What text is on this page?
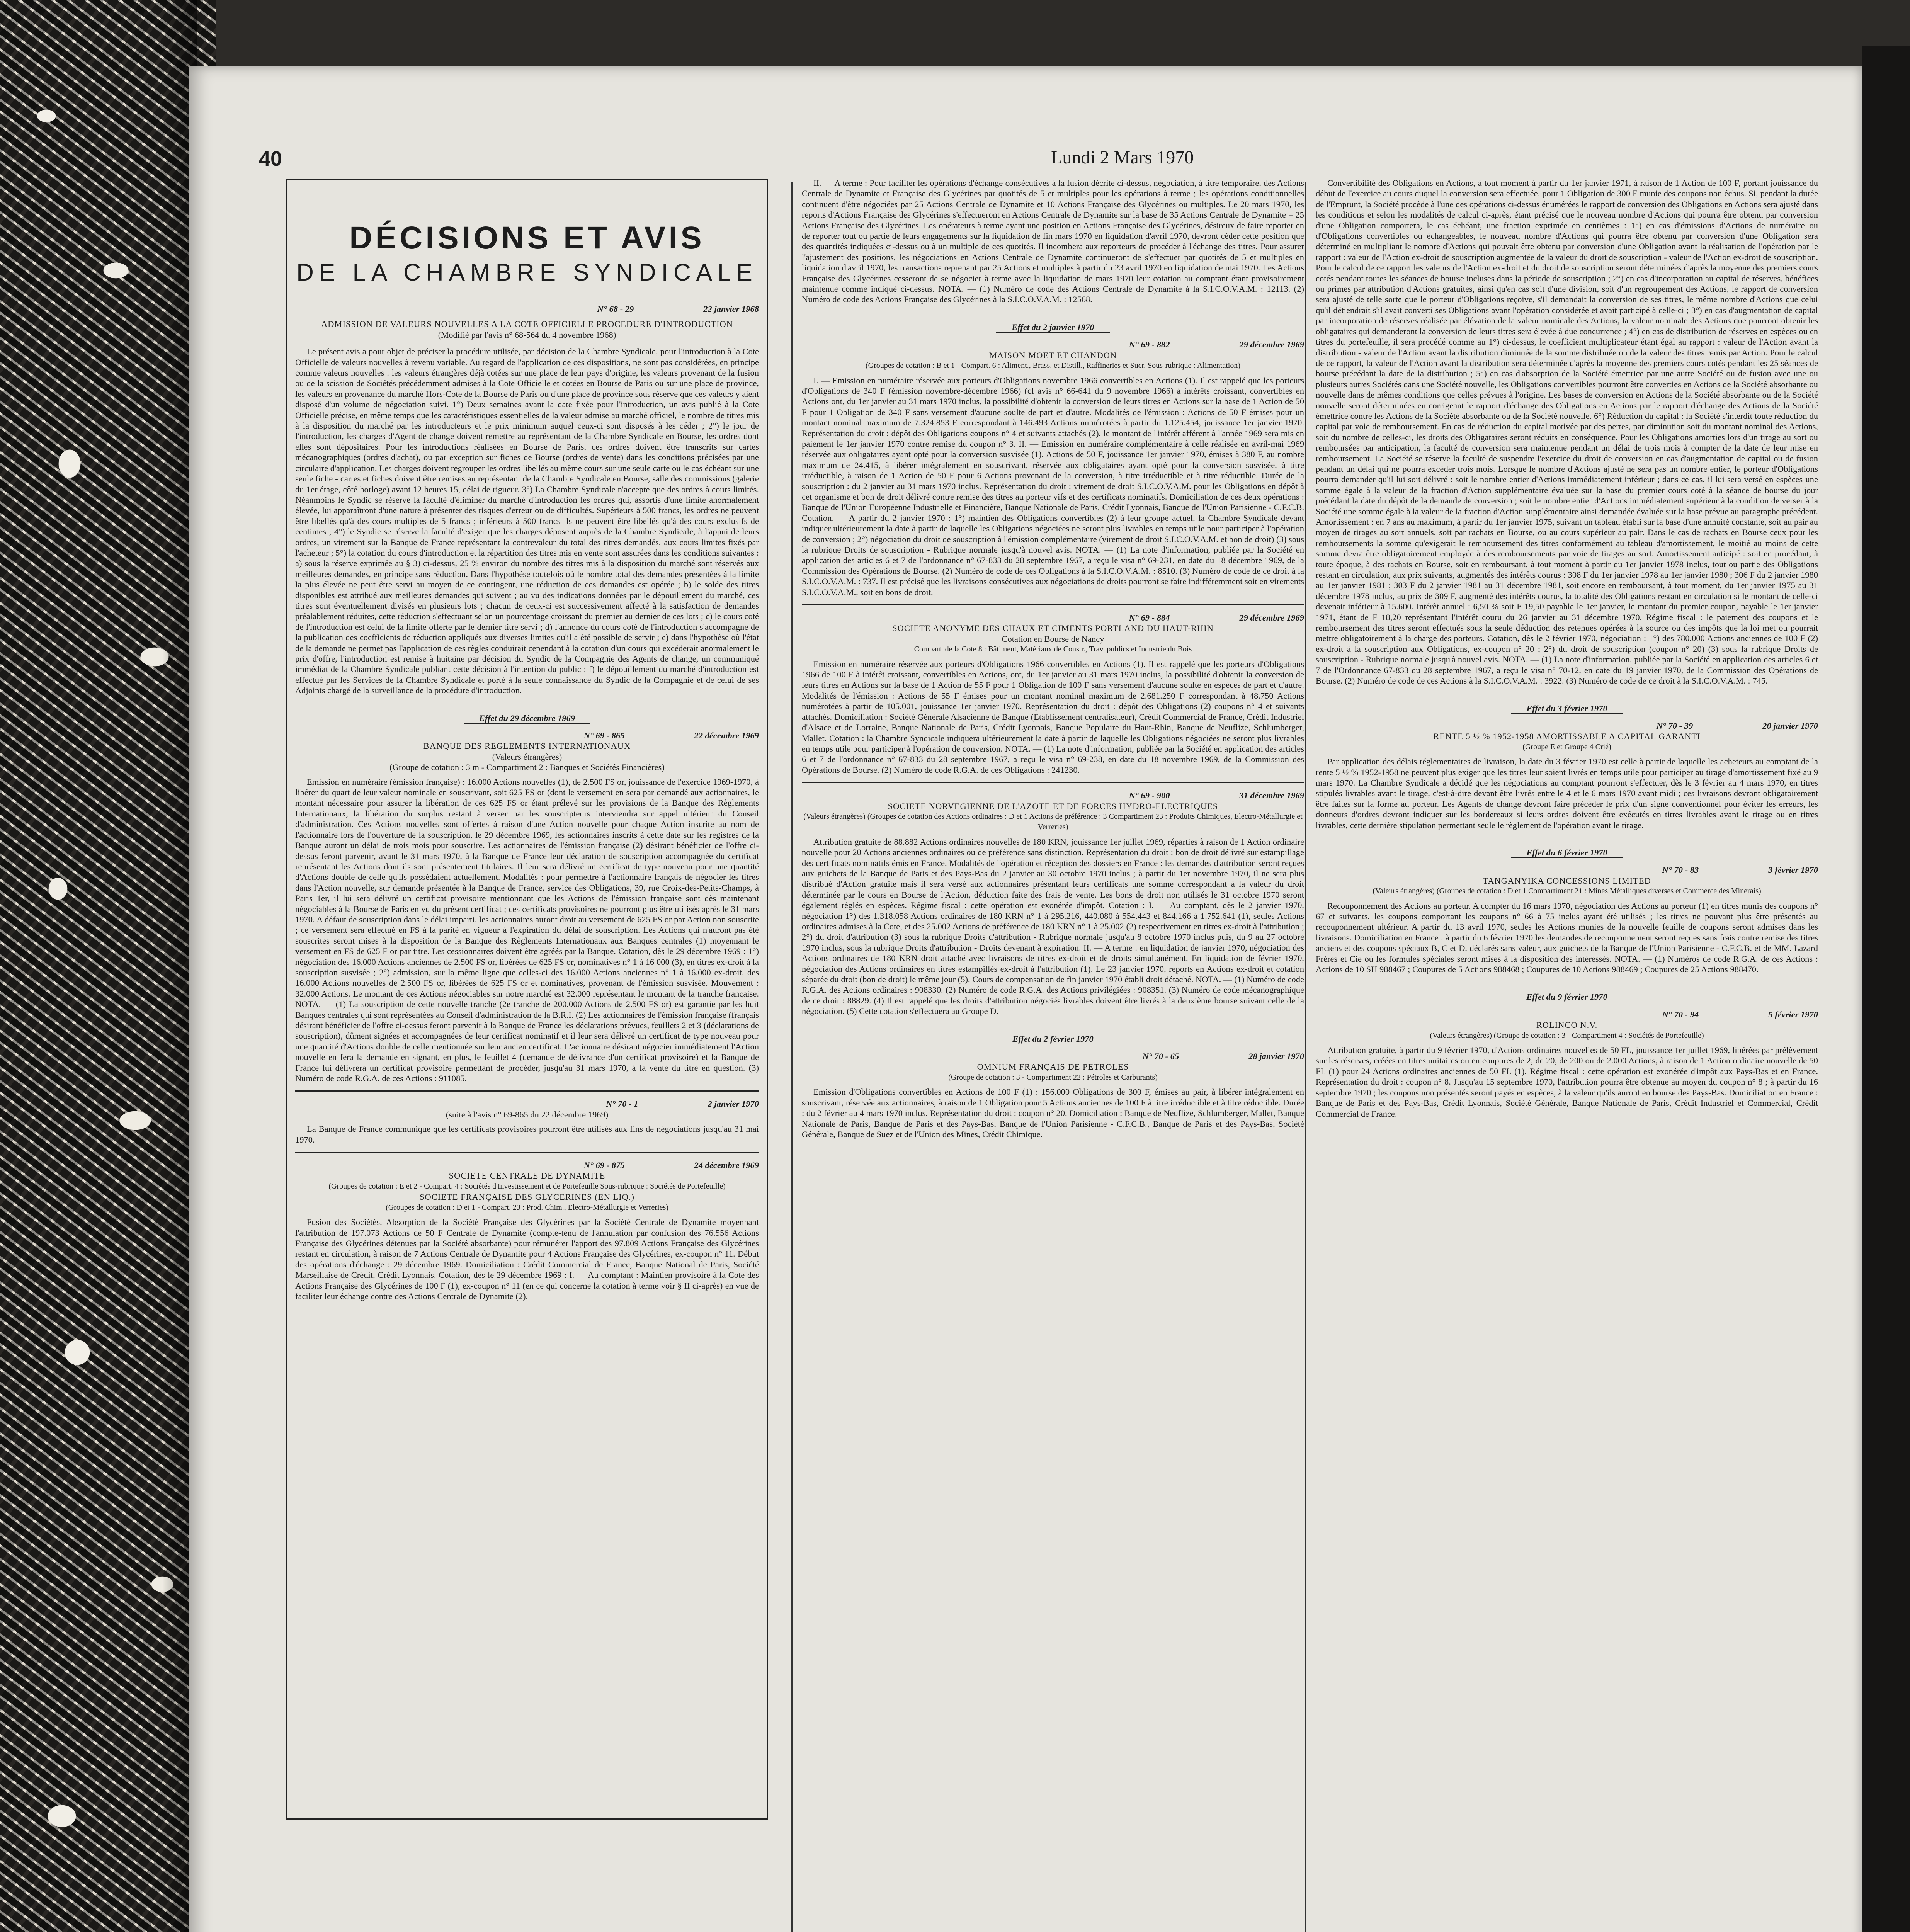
40	Lundi 2 Mars 1970
DÉCISIONS ET AVIS
DE LA CHAMBRE SYNDICALE
N° 68 - 29	22 janvier 1968
ADMISSION DE VALEURS NOUVELLES A LA COTE OFFICIELLE PROCEDURE D'INTRODUCTION
(Modifié par l'avis n° 68-564 du 4 novembre 1968)

Le présent avis a pour objet de préciser la procédure utilisée, par décision de la Chambre Syndicale, pour l'introduction à la Cote Officielle de valeurs nouvelles à revenu variable. Au regard de l'application de ces dispositions, ne sont pas considérées, en principe comme valeurs nouvelles : les valeurs étrangères déjà cotées sur une place de leur pays d'origine, les valeurs provenant de la fusion ou de la scission de Sociétés précédemment admises à la Cote Officielle et cotées en Bourse de Paris ou sur une place de province, les valeurs en provenance du marché Hors-Cote de la Bourse de Paris ou d'une place de province sous réserve que ces valeurs y aient disposé d'un volume de négociation suivi. 1°) Deux semaines avant la date fixée pour l'introduction, un avis publié à la Cote Officielle précise, en même temps que les caractéristiques essentielles de la valeur admise au marché officiel, le nombre de titres mis à la disposition du marché par les introducteurs et le prix minimum auquel ceux-ci sont disposés à les céder ; 2°) le jour de l'introduction, les charges d'Agent de change doivent remettre au représentant de la Chambre Syndicale en Bourse, les ordres dont elles sont dépositaires. Pour les introductions réalisées en Bourse de Paris, ces ordres doivent être transcrits sur cartes mécanographiques (ordres d'achat), ou par exception sur fiches de Bourse (ordres de vente) dans les conditions précisées par une circulaire d'application. Les charges doivent regrouper les ordres libellés au même cours sur une seule carte ou le cas échéant sur une seule fiche - cartes et fiches doivent être remises au représentant de la Chambre Syndicale en Bourse, salle des commissions (galerie du 1er étage, côté horloge) avant 12 heures 15, délai de rigueur. 3°) La Chambre Syndicale n'accepte que des ordres à cours limités. Néanmoins le Syndic se réserve la faculté d'éliminer du marché d'introduction les ordres qui, assortis d'une limite anormalement élevée, lui apparaîtront d'une nature à présenter des risques d'erreur ou de difficultés. Supérieurs à 500 francs, les ordres ne peuvent être libellés qu'à des cours multiples de 5 francs ; inférieurs à 500 francs ils ne peuvent être libellés qu'à des cours exclusifs de centimes ; 4°) le Syndic se réserve la faculté d'exiger que les charges déposent auprès de la Chambre Syndicale, à l'appui de leurs ordres, un virement sur la Banque de France représentant la contrevaleur du total des titres demandés, aux cours limites fixés par l'acheteur ; 5°) la cotation du cours d'introduction et la répartition des titres mis en vente sont assurées dans les conditions suivantes : a) sous la réserve exprimée au § 3) ci-dessus, 25 % environ du nombre des titres mis à la disposition du marché sont réservés aux meilleures demandes, en principe sans réduction. Dans l'hypothèse toutefois où le nombre total des demandes présentées à la limite la plus élevée ne peut être servi au moyen de ce contingent, une réduction de ces demandes est opérée ; b) le solde des titres disponibles est attribué aux meilleures demandes qui suivent ; au vu des indications données par le dépouillement du marché, ces titres sont éventuellement divisés en plusieurs lots ; chacun de ceux-ci est successivement affecté à la satisfaction de demandes préalablement réduites, cette réduction s'effectuant selon un pourcentage croissant du premier au dernier de ces lots ; c) le cours coté de l'introduction est celui de la limite offerte par le dernier titre servi ; d) l'annonce du cours coté de l'introduction s'accompagne de la publication des coefficients de réduction appliqués aux diverses limites qu'il a été possible de servir ; e) dans l'hypothèse où l'état de la demande ne permet pas l'application de ces règles conduirait cependant à la cotation d'un cours qui excéderait anormalement le prix d'offre, l'introduction est remise à huitaine par décision du Syndic de la Compagnie des Agents de change, un communiqué immédiat de la Chambre Syndicale publiant cette décision à l'intention du public ; f) le dépouillement du marché d'introduction est effectué par les Services de la Chambre Syndicale et porté à la seule connaissance du Syndic de la Compagnie et de celui de ses Adjoints chargé de la surveillance de la procédure d'introduction.

Effet du 29 décembre 1969
N° 69 - 865	22 décembre 1969
BANQUE DES REGLEMENTS INTERNATIONAUX
(Valeurs étrangères)
(Groupe de cotation : 3 m - Compartiment 2 : Banques et Sociétés Financières)

Emission en numéraire (émission française) : 16.000 Actions nouvelles (1), de 2.500 FS or, jouissance de l'exercice 1969-1970, à libérer du quart de leur valeur nominale en souscrivant, soit 625 FS or (dont le versement en sera par demandé aux actionnaires, le montant nécessaire pour assurer la libération de ces 625 FS or étant prélevé sur les provisions de la Banque des Règlements Internationaux, la libération du surplus restant à verser par les souscripteurs interviendra sur appel ultérieur du Conseil d'administration. Ces Actions nouvelles sont offertes à raison d'une Action nouvelle pour chaque Action inscrite au nom de l'actionnaire lors de l'ouverture de la souscription, le 29 décembre 1969, les actionnaires inscrits à cette date sur les registres de la Banque auront un délai de trois mois pour souscrire. Les actionnaires de l'émission française (2) désirant bénéficier de l'offre ci-dessus feront parvenir, avant le 31 mars 1970, à la Banque de France leur déclaration de souscription accompagnée du certificat représentant les Actions dont ils sont présentement titulaires. Il leur sera délivré un certificat de type nouveau pour une quantité d'Actions double de celle qu'ils possédaient actuellement. Modalités : pour permettre à l'actionnaire français de négocier les titres dans l'Action nouvelle, sur demande présentée à la Banque de France, service des Obligations, 39, rue Croix-des-Petits-Champs, à Paris 1er, il lui sera délivré un certificat provisoire mentionnant que les Actions de l'émission française sont dès maintenant négociables à la Bourse de Paris en vu du présent certificat ; ces certificats provisoires ne pourront plus être utilisés après le 31 mars 1970. A défaut de souscription dans le délai imparti, les actionnaires auront droit au versement de 625 FS or par Action non souscrite ; ce versement sera effectué en FS à la parité en vigueur à l'expiration du délai de souscription. Les Actions qui n'auront pas été souscrites seront mises à la disposition de la Banque des Règlements Internationaux aux Banques centrales (1) moyennant le versement en FS de 625 F or par titre. Les cessionnaires doivent être agréés par la Banque. Cotation, dès le 29 décembre 1969 : 1°) négociation des 16.000 Actions anciennes de 2.500 FS or, libérées de 625 FS or, nominatives n° 1 à 16 000 (3), en titres ex-droit à la souscription susvisée ; 2°) admission, sur la même ligne que celles-ci des 16.000 Actions anciennes n° 1 à 16.000 ex-droit, des 16.000 Actions nouvelles de 2.500 FS or, libérées de 625 FS or et nominatives, provenant de l'émission susvisée. Mouvement : 32.000 Actions. Le montant de ces Actions négociables sur notre marché est 32.000 représentant le montant de la tranche française. NOTA. — (1) La souscription de cette nouvelle tranche (2e tranche de 200.000 Actions de 2.500 FS or) est garantie par les huit Banques centrales qui sont représentées au Conseil d'administration de la B.R.I. (2) Les actionnaires de l'émission française (français désirant bénéficier de l'offre ci-dessus feront parvenir à la Banque de France les déclarations prévues, feuillets 2 et 3 (déclarations de souscription), dûment signées et accompagnées de leur certificat nominatif et il leur sera délivré un certificat de type nouveau pour une quantité d'Actions double de celle mentionnée sur leur ancien certificat. L'actionnaire désirant négocier immédiatement l'Action nouvelle en fera la demande en signant, en plus, le feuillet 4 (demande de délivrance d'un certificat provisoire) et la Banque de France lui délivrera un certificat provisoire permettant de procéder, jusqu'au 31 mars 1970, à la vente du titre en question. (3) Numéro de code R.G.A. de ces Actions : 911085.

N° 70 - 1	2 janvier 1970
(suite à l'avis n° 69-865 du 22 décembre 1969)

La Banque de France communique que les certificats provisoires pourront être utilisés aux fins de négociations jusqu'au 31 mai 1970.

N° 69 - 875	24 décembre 1969
SOCIETE CENTRALE DE DYNAMITE
(Groupes de cotation : E et 2 - Compart. 4 : Sociétés d'Investissement et de Portefeuille Sous-rubrique : Sociétés de Portefeuille)
SOCIETE FRANÇAISE DES GLYCERINES (EN LIQ.)
(Groupes de cotation : D et 1 - Compart. 23 : Prod. Chim., Electro-Métallurgie et Verreries)

Fusion des Sociétés. Absorption de la Société Française des Glycérines par la Société Centrale de Dynamite moyennant l'attribution de 197.073 Actions de 50 F Centrale de Dynamite (compte-tenu de l'annulation par confusion des 76.556 Actions Française des Glycérines détenues par la Société absorbante) pour rémunérer l'apport des 97.809 Actions Française des Glycérines restant en circulation, à raison de 7 Actions Centrale de Dynamite pour 4 Actions Française des Glycérines, ex-coupon n° 11. Début des opérations d'échange : 29 décembre 1969. Domiciliation : Crédit Commercial de France, Banque National de Paris, Société Marseillaise de Crédit, Crédit Lyonnais. Cotation, dès le 29 décembre 1969 : I. — Au comptant : Maintien provisoire à la Cote des Actions Française des Glycérines de 100 F (1), ex-coupon n° 11 (en ce qui concerne la cotation à terme voir § II ci-après) en vue de faciliter leur échange contre des Actions Centrale de Dynamite (2).

II. — A terme : Pour faciliter les opérations d'échange consécutives à la fusion décrite ci-dessus, négociation, à titre temporaire, des Actions Centrale de Dynamite et Française des Glycérines par quotités de 5 et multiples pour les opérations à terme ; les opérations conditionnelles continuent d'être négociées par 25 Actions Centrale de Dynamite et 10 Actions Française des Glycérines ou multiples. Le 20 mars 1970, les reports d'Actions Française des Glycérines s'effectueront en Actions Centrale de Dynamite sur la base de 35 Actions Centrale de Dynamite = 25 Actions Française des Glycérines. Les opérateurs à terme ayant une position en Actions Française des Glycérines, désireux de faire reporter en de reporter tout ou partie de leurs engagements sur la liquidation de fin mars 1970 en liquidation d'avril 1970, devront céder cette position que des quantités indiquées ci-dessus ou à un multiple de ces quotités. Il incombera aux reporteurs de procéder à l'échange des titres. Pour assurer l'ajustement des positions, les négociations en Actions Centrale de Dynamite continueront de s'effectuer par quotités de 5 et multiples en liquidation d'avril 1970, les transactions reprenant par 25 Actions et multiples à partir du 23 avril 1970 en liquidation de mai 1970. Les Actions Française des Glycérines cesseront de se négocier à terme avec la liquidation de mars 1970 leur cotation au comptant étant provisoirement maintenue comme indiqué ci-dessus. NOTA. — (1) Numéro de code des Actions Centrale de Dynamite à la S.I.C.O.V.A.M. : 12113. (2) Numéro de code des Actions Française des Glycérines à la S.I.C.O.V.A.M. : 12568.

Effet du 2 janvier 1970
N° 69 - 882	29 décembre 1969
MAISON MOET ET CHANDON
(Groupes de cotation : B et 1 - Compart. 6 : Aliment., Brass. et Distill., Raffineries et Sucr. Sous-rubrique : Alimentation)

I. — Emission en numéraire réservée aux porteurs d'Obligations novembre 1966 convertibles en Actions (1). Il est rappelé que les porteurs d'Obligations de 340 F (émission novembre-décembre 1966) (cf avis n° 66-641 du 9 novembre 1966) à intérêts croissant, convertibles en Actions ont, du 1er janvier au 31 mars 1970 inclus, la possibilité d'obtenir la conversion de leurs titres en Actions sur la base de 1 Action de 50 F pour 1 Obligation de 340 F sans versement d'aucune soulte de part et d'autre. Modalités de l'émission : Actions de 50 F émises pour un montant nominal maximum de 7.324.853 F correspondant à 146.493 Actions numérotées à partir du 1.125.454, jouissance 1er janvier 1970. Représentation du droit : dépôt des Obligations coupons n° 4 et suivants attachés (2), le montant de l'intérêt afférent à l'année 1969 sera mis en paiement le 1er janvier 1970 contre remise du coupon n° 3. II. — Emission en numéraire complémentaire à celle réalisée en avril-mai 1969 réservée aux obligataires ayant opté pour la conversion susvisée (1). Actions de 50 F, jouissance 1er janvier 1970, émises à 380 F, au nombre maximum de 24.415, à libérer intégralement en souscrivant, réservée aux obligataires ayant opté pour la conversion susvisée, à titre irréductible, à raison de 1 Action de 50 F pour 6 Actions provenant de la conversion, à titre irréductible et à titre réductible. Durée de la souscription : du 2 janvier au 31 mars 1970 inclus. Représentation du droit : virement de droit S.I.C.O.V.A.M. pour les Obligations en dépôt à cet organisme et bon de droit délivré contre remise des titres au porteur vifs et des certificats nominatifs. Domiciliation de ces deux opérations : Banque de l'Union Européenne Industrielle et Financière, Banque Nationale de Paris, Crédit Lyonnais, Banque de l'Union Parisienne - C.F.C.B. Cotation. — A partir du 2 janvier 1970 : 1°) maintien des Obligations convertibles (2) à leur groupe actuel, la Chambre Syndicale devant indiquer ultérieurement la date à partir de laquelle les Obligations négociées ne seront plus livrables en temps utile pour participer à l'opération de conversion ; 2°) négociation du droit de souscription à l'émission complémentaire (virement de droit S.I.C.O.V.A.M. et bon de droit) (3) sous la rubrique Droits de souscription - Rubrique normale jusqu'à nouvel avis. NOTA. — (1) La note d'information, publiée par la Société en application des articles 6 et 7 de l'ordonnance n° 67-833 du 28 septembre 1967, a reçu le visa n° 69-231, en date du 18 décembre 1969, de la Commission des Opérations de Bourse. (2) Numéro de code de ces Obligations à la S.I.C.O.V.A.M. : 8510. (3) Numéro de code de ce droit à la S.I.C.O.V.A.M. : 737. Il est précisé que les livraisons consécutives aux négociations de droits pourront se faire indifféremment soit en virements S.I.C.O.V.A.M., soit en bons de droit.

N° 69 - 884	29 décembre 1969
SOCIETE ANONYME DES CHAUX ET CIMENTS PORTLAND DU HAUT-RHIN
Cotation en Bourse de Nancy
Compart. de la Cote 8 : Bâtiment, Matériaux de Constr., Trav. publics et Industrie du Bois

Emission en numéraire réservée aux porteurs d'Obligations 1966 convertibles en Actions (1). Il est rappelé que les porteurs d'Obligations 1966 de 100 F à intérêt croissant, convertibles en Actions, ont, du 1er janvier au 31 mars 1970 inclus, la possibilité d'obtenir la conversion de leurs titres en Actions sur la base de 1 Action de 55 F pour 1 Obligation de 100 F sans versement d'aucune soulte en espèces de part et d'autre. Modalités de l'émission : Actions de 55 F émises pour un montant nominal maximum de 2.681.250 F correspondant à 48.750 Actions numérotées à partir de 105.001, jouissance 1er janvier 1970. Représentation du droit : dépôt des Obligations (2) coupons n° 4 et suivants attachés. Domiciliation : Société Générale Alsacienne de Banque (Etablissement centralisateur), Crédit Commercial de France, Crédit Industriel d'Alsace et de Lorraine, Banque Nationale de Paris, Crédit Lyonnais, Banque Populaire du Haut-Rhin, Banque de Neuflize, Schlumberger, Mallet. Cotation : la Chambre Syndicale indiquera ultérieurement la date à partir de laquelle les Obligations négociées ne seront plus livrables en temps utile pour participer à l'opération de conversion. NOTA. — (1) La note d'information, publiée par la Société en application des articles 6 et 7 de l'ordonnance n° 67-833 du 28 septembre 1967, a reçu le visa n° 69-238, en date du 18 novembre 1969, de la Commission des Opérations de Bourse. (2) Numéro de code R.G.A. de ces Obligations : 241230.

N° 69 - 900	31 décembre 1969
SOCIETE NORVEGIENNE DE L'AZOTE ET DE FORCES HYDRO-ELECTRIQUES
(Valeurs étrangères) (Groupes de cotation des Actions ordinaires : D et 1 Actions de préférence : 3 Compartiment 23 : Produits Chimiques, Electro-Métallurgie et Verreries)

Attribution gratuite de 88.882 Actions ordinaires nouvelles de 180 KRN, jouissance 1er juillet 1969, réparties à raison de 1 Action ordinaire nouvelle pour 20 Actions anciennes ordinaires ou de préférence sans distinction. Représentation du droit : bon de droit délivré sur estampillage des certificats nominatifs émis en France. Modalités de l'opération et réception des dossiers en France : les demandes d'attribution seront reçues aux guichets de la Banque de Paris et des Pays-Bas du 2 janvier au 30 octobre 1970 inclus ; à partir du 1er novembre 1970, il ne sera plus distribué d'Action gratuite mais il sera versé aux actionnaires présentant leurs certificats une somme correspondant à la valeur du droit déterminée par le cours en Bourse de l'Action, déduction faite des frais de vente. Les bons de droit non utilisés le 31 octobre 1970 seront également réglés en espèces. Régime fiscal : cette opération est exonérée d'impôt. Cotation : I. — Au comptant, dès le 2 janvier 1970, négociation 1°) des 1.318.058 Actions ordinaires de 180 KRN n° 1 à 295.216, 440.080 à 554.443 et 844.166 à 1.752.641 (1), seules Actions ordinaires admises à la Cote, et des 25.002 Actions de préférence de 180 KRN n° 1 à 25.002 (2) respectivement en titres ex-droit à l'attribution ; 2°) du droit d'attribution (3) sous la rubrique Droits d'attribution - Rubrique normale jusqu'au 8 octobre 1970 inclus puis, du 9 au 27 octobre 1970 inclus, sous la rubrique Droits d'attribution - Droits devenant à expiration. II. — A terme : en liquidation de janvier 1970, négociation des Actions ordinaires de 180 KRN droit attaché avec livraisons de titres ex-droit et de droits simultanément. En liquidation de février 1970, négociation des Actions ordinaires en titres estampillés ex-droit à l'attribution (1). Le 23 janvier 1970, reports en Actions ex-droit et cotation séparée du droit (bon de droit) le même jour (5). Cours de compensation de fin janvier 1970 établi droit détaché. NOTA. — (1) Numéro de code R.G.A. des Actions ordinaires : 908330. (2) Numéro de code R.G.A. des Actions privilégiées : 908351. (3) Numéro de code mécanographique de ce droit : 88829. (4) Il est rappelé que les droits d'attribution négociés livrables doivent être livrés à la deuxième bourse suivant celle de la négociation. (5) Cette cotation s'effectuera au Groupe D.

Effet du 2 février 1970
N° 70 - 65	28 janvier 1970
OMNIUM FRANÇAIS DE PETROLES
(Groupe de cotation : 3 - Compartiment 22 : Pétroles et Carburants)

Emission d'Obligations convertibles en Actions de 100 F (1) : 156.000 Obligations de 300 F, émises au pair, à libérer intégralement en souscrivant, réservée aux actionnaires, à raison de 1 Obligation pour 5 Actions anciennes de 100 F à titre irréductible et à titre réductible. Durée : du 2 février au 4 mars 1970 inclus. Représentation du droit : coupon n° 20. Domiciliation : Banque de Neuflize, Schlumberger, Mallet, Banque Nationale de Paris, Banque de Paris et des Pays-Bas, Banque de l'Union Parisienne - C.F.C.B., Banque de Paris et des Pays-Bas, Société Générale, Banque de Suez et de l'Union des Mines, Crédit Chimique.

Convertibilité des Obligations en Actions, à tout moment à partir du 1er janvier 1971, à raison de 1 Action de 100 F, portant jouissance du début de l'exercice au cours duquel la conversion sera effectuée, pour 1 Obligation de 300 F munie des coupons non échus. Si, pendant la durée de l'Emprunt, la Société procède à l'une des opérations ci-dessus énumérées le rapport de conversion des Obligations en Actions sera ajusté dans les conditions et selon les modalités de calcul ci-après, étant précisé que le nouveau nombre d'Actions qui pourra être obtenu par conversion d'une Obligation comportera, le cas échéant, une fraction exprimée en centièmes : 1°) en cas d'émissions d'Actions de numéraire ou d'Obligations convertibles ou échangeables, le nouveau nombre d'Actions qui pourra être obtenu par conversion d'une Obligation sera déterminé en multipliant le nombre d'Actions qui pouvait être obtenu par conversion d'une Obligation avant la réalisation de l'opération par le rapport : valeur de l'Action ex-droit de souscription augmentée de la valeur du droit de souscription - valeur de l'Action ex-droit de souscription. Pour le calcul de ce rapport les valeurs de l'Action ex-droit et du droit de souscription seront déterminées d'après la moyenne des premiers cours cotés pendant toutes les séances de bourse incluses dans la période de souscription ; 2°) en cas d'incorporation au capital de réserves, bénéfices ou primes par attribution d'Actions gratuites, ainsi qu'en cas soit d'une division, soit d'un regroupement des Actions, le rapport de conversion sera ajusté de telle sorte que le porteur d'Obligations reçoive, s'il demandait la conversion de ses titres, le même nombre d'Actions que celui qu'il détiendrait s'il avait converti ses Obligations avant l'opération considérée et avait participé à celle-ci ; 3°) en cas d'augmentation de capital par incorporation de réserves réalisée par élévation de la valeur nominale des Actions, la valeur nominale des Actions que pourront obtenir les obligataires qui demanderont la conversion de leurs titres sera élevée à due concurrence ; 4°) en cas de distribution de réserves en espèces ou en titres du portefeuille, il sera procédé comme au 1°) ci-dessus, le coefficient multiplicateur étant égal au rapport : valeur de l'Action avant la distribution - valeur de l'Action avant la distribution diminuée de la somme distribuée ou de la valeur des titres remis par Action. Pour le calcul de ce rapport, la valeur de l'Action avant la distribution sera déterminée d'après la moyenne des premiers cours cotés pendant les 25 séances de bourse précédant la date de la distribution ; 5°) en cas d'absorption de la Société émettrice par une autre Société ou de fusion avec une ou plusieurs autres Sociétés dans une Société nouvelle, les Obligations convertibles pourront être converties en Actions de la Société absorbante ou nouvelle dans de mêmes conditions que celles prévues à l'origine. Les bases de conversion en Actions de la Société absorbante ou de la Société nouvelle seront déterminées en corrigeant le rapport d'échange des Obligations en Actions par le rapport d'échange des Actions de la Société émettrice contre les Actions de la Société absorbante ou de la Société nouvelle. 6°) Réduction du capital : la Société s'interdit toute réduction du capital par voie de remboursement. En cas de réduction du capital motivée par des pertes, par diminution soit du montant nominal des Actions, soit du nombre de celles-ci, les droits des Obligataires seront réduits en conséquence. Pour les Obligations amorties lors d'un tirage au sort ou remboursées par anticipation, la faculté de conversion sera maintenue pendant un délai de trois mois à compter de la date de leur mise en remboursement. La Société se réserve la faculté de suspendre l'exercice du droit de conversion en cas d'augmentation de capital ou de fusion pendant un délai qui ne pourra excéder trois mois. Lorsque le nombre d'Actions ajusté ne sera pas un nombre entier, le porteur d'Obligations pourra demander qu'il lui soit délivré : soit le nombre entier d'Actions immédiatement inférieur ; dans ce cas, il lui sera versé en espèces une somme égale à la valeur de la fraction d'Action supplémentaire évaluée sur la base du premier cours coté à la séance de bourse du jour précédant la date du dépôt de la demande de conversion ; soit le nombre entier d'Actions immédiatement supérieur à la condition de verser à la Société une somme égale à la valeur de la fraction d'Action supplémentaire ainsi demandée évaluée sur la base prévue au paragraphe précédent. Amortissement : en 7 ans au maximum, à partir du 1er janvier 1975, suivant un tableau établi sur la base d'une annuité constante, soit au pair au moyen de tirages au sort annuels, soit par rachats en Bourse, ou au cours supérieur au pair. Dans le cas de rachats en Bourse ceux pour les remboursements la somme qu'exigerait le remboursement des titres conformément au tableau d'amortissement, le moitié au moins de cette somme devra être obligatoirement employée à des remboursements par voie de tirages au sort. Amortissement anticipé : soit en procédant, à toute époque, à des rachats en Bourse, soit en remboursant, à tout moment à partir du 1er janvier 1978 inclus, tout ou partie des Obligations restant en circulation, aux prix suivants, augmentés des intérêts courus : 308 F du 1er janvier 1978 au 1er janvier 1980 ; 306 F du 2 janvier 1980 au 1er janvier 1981 ; 303 F du 2 janvier 1981 au 31 décembre 1981, soit encore en remboursant, à tout moment, du 1er janvier 1975 au 31 décembre 1978 inclus, au prix de 309 F, augmenté des intérêts courus, la totalité des Obligations restant en circulation si le montant de celle-ci devenait inférieur à 15.600. Intérêt annuel : 6,50 % soit F 19,50 payable le 1er janvier, le montant du premier coupon, payable le 1er janvier 1971, étant de F 18,20 représentant l'intérêt couru du 26 janvier au 31 décembre 1970. Régime fiscal : le paiement des coupons et le remboursement des titres seront effectués sous la seule déduction des retenues opérées à la source ou des impôts que la loi met ou pourrait mettre obligatoirement à la charge des porteurs. Cotation, dès le 2 février 1970, négociation : 1°) des 780.000 Actions anciennes de 100 F (2) ex-droit à la souscription aux Obligations, ex-coupon n° 20 ; 2°) du droit de souscription (coupon n° 20) (3) sous la rubrique Droits de souscription - Rubrique normale jusqu'à nouvel avis. NOTA. — (1) La note d'information, publiée par la Société en application des articles 6 et 7 de l'Ordonnance 67-833 du 28 septembre 1967, a reçu le visa n° 70-12, en date du 19 janvier 1970, de la Commission des Opérations de Bourse. (2) Numéro de code de ces Actions à la S.I.C.O.V.A.M. : 3922. (3) Numéro de code de ce droit à la S.I.C.O.V.A.M. : 745.

Effet du 3 février 1970
N° 70 - 39	20 janvier 1970
RENTE 5 ½ % 1952-1958 AMORTISSABLE A CAPITAL GARANTI
(Groupe E et Groupe 4 Crié)

Par application des délais réglementaires de livraison, la date du 3 février 1970 est celle à partir de laquelle les acheteurs au comptant de la rente 5 ½ % 1952-1958 ne peuvent plus exiger que les titres leur soient livrés en temps utile pour participer au tirage d'amortissement fixé au 9 mars 1970. La Chambre Syndicale a décidé que les négociations au comptant pourront s'effectuer, dès le 3 février au 4 mars 1970, en titres stipulés livrables avant le tirage, c'est-à-dire devant être livrés entre le 4 et le 6 mars 1970 avant midi ; ces livraisons devront obligatoirement être faites sur la forme au porteur. Les Agents de change devront faire précéder le prix d'un signe conventionnel pour éviter les erreurs, les donneurs d'ordres devront indiquer sur les bordereaux si leurs ordres doivent être exécutés en titres livrables avant le tirage ou en titres livrables, cette dernière stipulation permettant seule le règlement de l'opération avant le tirage.

Effet du 6 février 1970
N° 70 - 83	3 février 1970
TANGANYIKA CONCESSIONS LIMITED
(Valeurs étrangères) (Groupes de cotation : D et 1 Compartiment 21 : Mines Métalliques diverses et Commerce des Minerais)

Recouponnement des Actions au porteur. A compter du 16 mars 1970, négociation des Actions au porteur (1) en titres munis des coupons n° 67 et suivants, les coupons comportant les coupons n° 66 à 75 inclus ayant été utilisés ; les titres ne pouvant plus être présentés au recouponnement ultérieur. A partir du 13 avril 1970, seules les Actions munies de la nouvelle feuille de coupons seront admises dans les livraisons. Domiciliation en France : à partir du 6 février 1970 les demandes de recouponnement seront reçues sans frais contre remise des titres anciens et des coupons spéciaux B, C et D, déclarés sans valeur, aux guichets de la Banque de l'Union Parisienne - C.F.C.B. et de MM. Lazard Frères et Cie où les formules spéciales seront mises à la disposition des intéressés. NOTA. — (1) Numéros de code R.G.A. de ces Actions : Actions de 10 SH 988467 ; Coupures de 5 Actions 988468 ; Coupures de 10 Actions 988469 ; Coupures de 25 Actions 988470.

Effet du 9 février 1970
N° 70 - 94	5 février 1970
ROLINCO N.V.
(Valeurs étrangères) (Groupe de cotation : 3 - Compartiment 4 : Sociétés de Portefeuille)

Attribution gratuite, à partir du 9 février 1970, d'Actions ordinaires nouvelles de 50 FL, jouissance 1er juillet 1969, libérées par prélèvement sur les réserves, créées en titres unitaires ou en coupures de 2, de 20, de 200 ou de 2.000 Actions, à raison de 1 Action ordinaire nouvelle de 50 FL (1) pour 24 Actions ordinaires anciennes de 50 FL (1). Régime fiscal : cette opération est exonérée d'impôt aux Pays-Bas et en France. Représentation du droit : coupon n° 8. Jusqu'au 15 septembre 1970, l'attribution pourra être obtenue au moyen du coupon n° 8 ; à partir du 16 septembre 1970 ; les coupons non présentés seront payés en espèces, à la valeur qu'ils auront en bourse des Pays-Bas. Domiciliation en France : Banque de Paris et des Pays-Bas, Crédit Lyonnais, Société Générale, Banque Nationale de Paris, Crédit Industriel et Commercial, Crédit Commercial de France.
